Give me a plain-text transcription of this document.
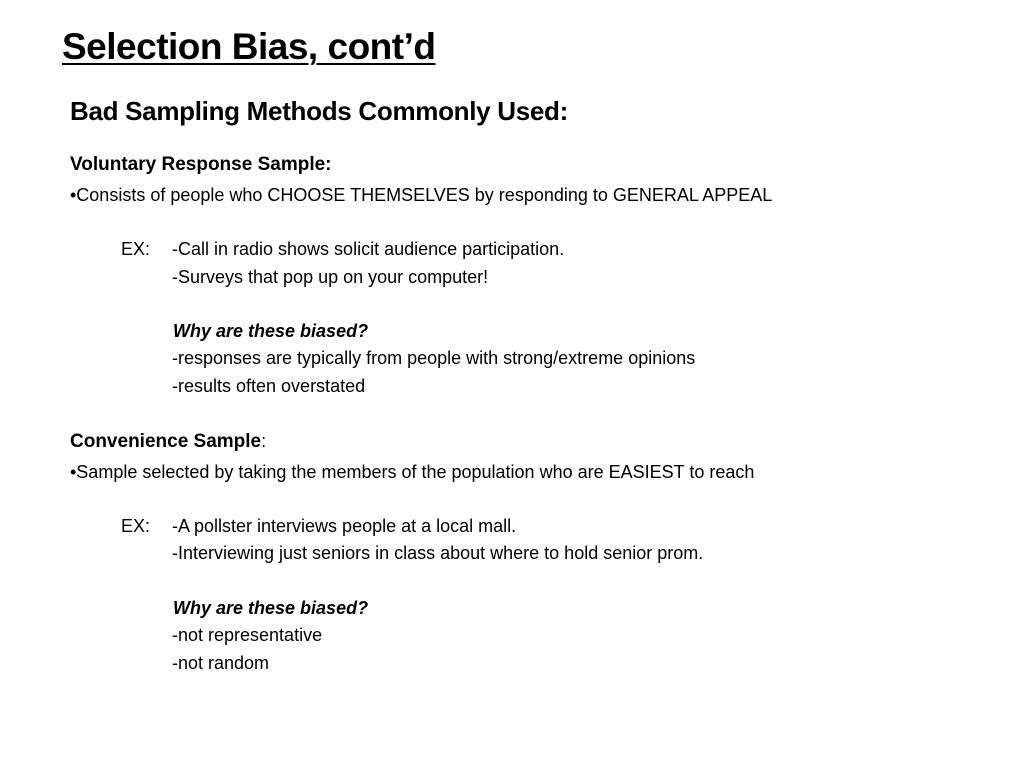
Selection Bias, cont’d
Bad Sampling Methods Commonly Used:
Voluntary Response Sample:
•Consists of people who CHOOSE THEMSELVES by responding to GENERAL APPEAL
EX: -Call in radio shows solicit audience participation.
-Surveys that pop up on your computer!
Why are these biased?
-responses are typically from people with strong/extreme opinions
-results often overstated
Convenience Sample:
•Sample selected by taking the members of the population who are EASIEST to reach
EX: -A pollster interviews people at a local mall.
-Interviewing just seniors in class about where to hold senior prom.
Why are these biased?
-not representative
-not random
